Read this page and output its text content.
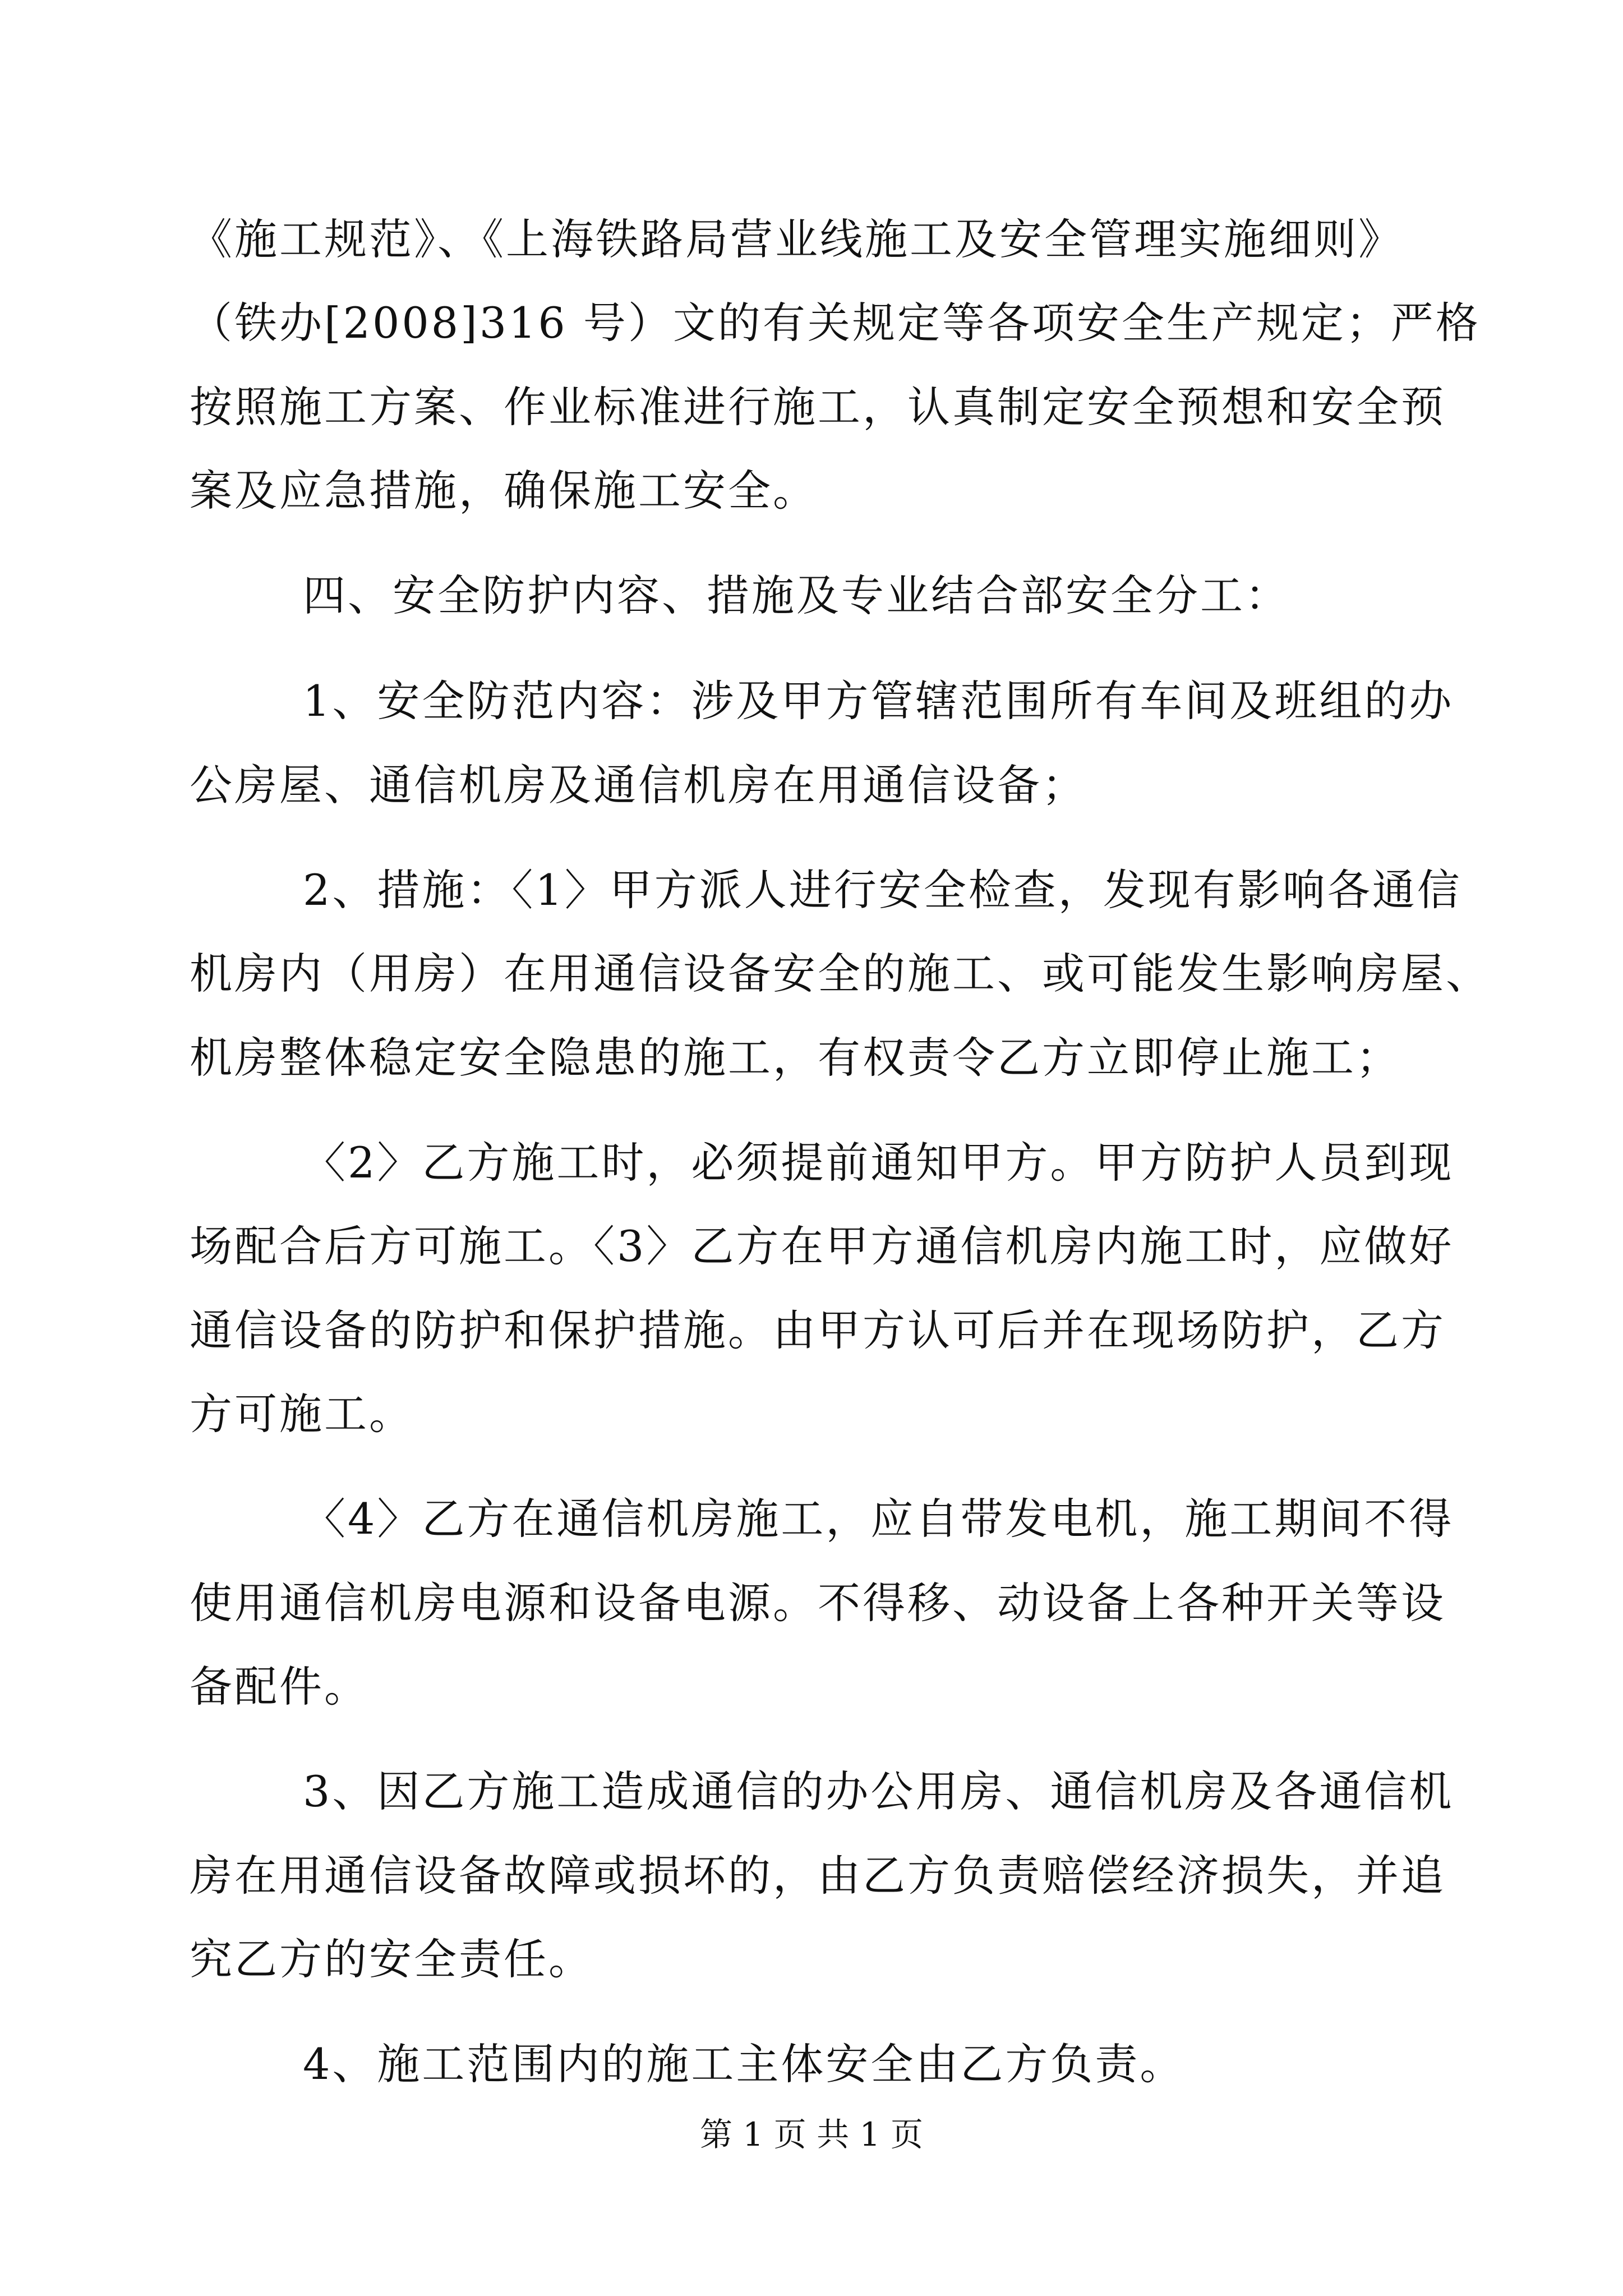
《施工规范》、《上海铁路局营业线施工及安全管理实施细则》
（铁办[2008]316 号）文的有关规定等各项安全生产规定；严格
按照施工方案、作业标准进行施工，认真制定安全预想和安全预
案及应急措施，确保施工安全。
四、安全防护内容、措施及专业结合部安全分工：
1、安全防范内容：涉及甲方管辖范围所有车间及班组的办
公房屋、通信机房及通信机房在用通信设备；
2、措施：〈1〉甲方派人进行安全检查，发现有影响各通信
机房内（用房）在用通信设备安全的施工、或可能发生影响房屋、
机房整体稳定安全隐患的施工，有权责令乙方立即停止施工；
〈2〉乙方施工时，必须提前通知甲方。甲方防护人员到现
场配合后方可施工。〈3〉乙方在甲方通信机房内施工时，应做好
通信设备的防护和保护措施。由甲方认可后并在现场防护，乙方
方可施工。
〈4〉乙方在通信机房施工，应自带发电机，施工期间不得
使用通信机房电源和设备电源。不得移、动设备上各种开关等设
备配件。
3、因乙方施工造成通信的办公用房、通信机房及各通信机
房在用通信设备故障或损坏的，由乙方负责赔偿经济损失，并追
究乙方的安全责任。
4、施工范围内的施工主体安全由乙方负责。
第 1 页 共 1 页
